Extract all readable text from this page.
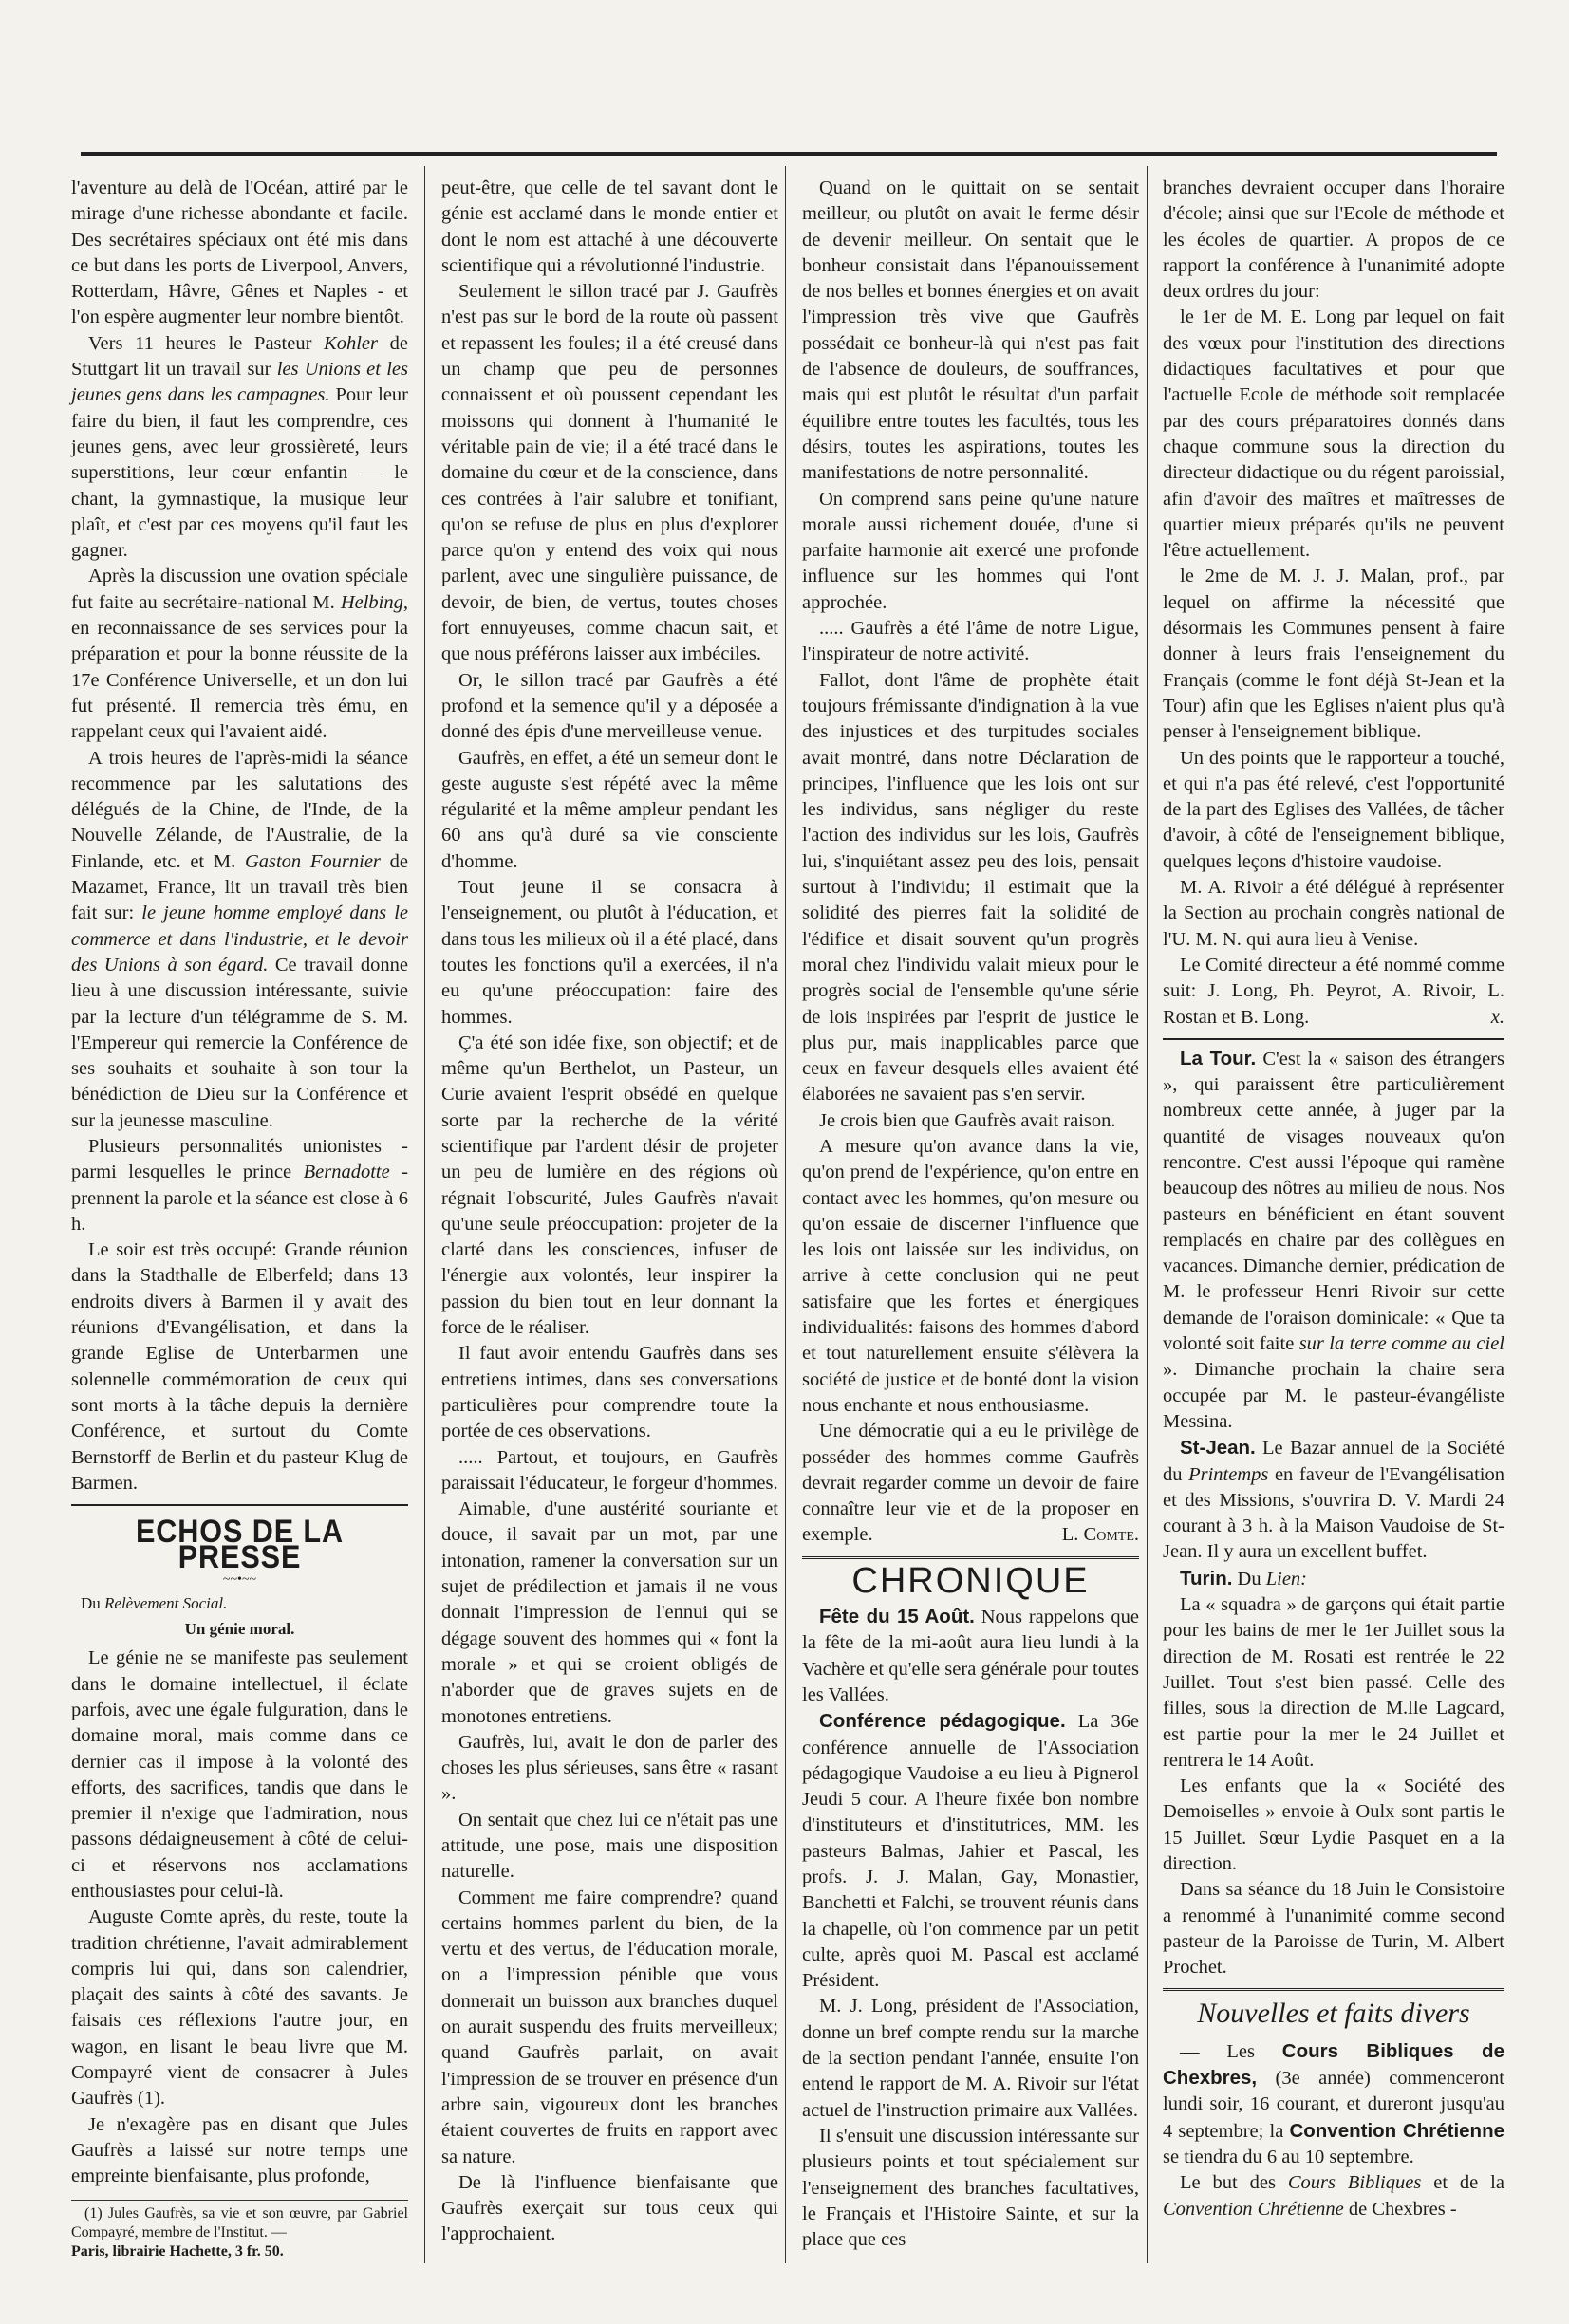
l'aventure au delà de l'Océan, attiré par le mirage d'une richesse abondante et facile. Des secrétaires spéciaux ont été mis dans ce but dans les ports de Liverpool, Anvers, Rotterdam, Hâvre, Gênes et Naples - et l'on espère augmenter leur nombre bientôt.

Vers 11 heures le Pasteur Kohler de Stuttgart lit un travail sur les Unions et les jeunes gens dans les campagnes. Pour leur faire du bien, il faut les comprendre, ces jeunes gens, avec leur grossièreté, leurs superstitions, leur cœur enfantin — le chant, la gymnastique, la musique leur plaît, et c'est par ces moyens qu'il faut les gagner.

Après la discussion une ovation spéciale fut faite au secrétaire-national M. Helbing, en reconnaissance de ses services pour la préparation et pour la bonne réussite de la 17e Conférence Universelle, et un don lui fut présenté. Il remercia très ému, en rappelant ceux qui l'avaient aidé.

A trois heures de l'après-midi la séance recommence par les salutations des délégués de la Chine, de l'Inde, de la Nouvelle Zélande, de l'Australie, de la Finlande, etc. et M. Gaston Fournier de Mazamet, France, lit un travail très bien fait sur: le jeune homme employé dans le commerce et dans l'industrie, et le devoir des Unions à son égard. Ce travail donne lieu à une discussion intéressante, suivie par la lecture d'un télégramme de S. M. l'Empereur qui remercie la Conférence de ses souhaits et souhaite à son tour la bénédiction de Dieu sur la Conférence et sur la jeunesse masculine.

Plusieurs personnalités unionistes - parmi lesquelles le prince Bernadotte - prennent la parole et la séance est close à 6 h.

Le soir est très occupé: Grande réunion dans la Stadthalle de Elberfeld; dans 13 endroits divers à Barmen il y avait des réunions d'Evangélisation, et dans la grande Eglise de Unterbarmen une solennelle commémoration de ceux qui sont morts à la tâche depuis la dernière Conférence, et surtout du Comte Bernstorff de Berlin et du pasteur Klug de Barmen.

ECHOS DE LA PRESSE
~~•~~
Du Relèvement Social.
Un génie moral.

Le génie ne se manifeste pas seulement dans le domaine intellectuel, il éclate parfois, avec une égale fulguration, dans le domaine moral, mais comme dans ce dernier cas il impose à la volonté des efforts, des sacrifices, tandis que dans le premier il n'exige que l'admiration, nous passons dédaigneusement à côté de celui-ci et réservons nos acclamations enthousiastes pour celui-là.

Auguste Comte après, du reste, toute la tradition chrétienne, l'avait admirablement compris lui qui, dans son calendrier, plaçait des saints à côté des savants. Je faisais ces réflexions l'autre jour, en wagon, en lisant le beau livre que M. Compayré vient de consacrer à Jules Gaufrès (1).

Je n'exagère pas en disant que Jules Gaufrès a laissé sur notre temps une empreinte bienfaisante, plus profonde,

(1) Jules Gaufrès, sa vie et son œuvre, par Gabriel Compayré, membre de l'Institut. —

Paris, librairie Hachette, 3 fr. 50.

peut-être, que celle de tel savant dont le génie est acclamé dans le monde entier et dont le nom est attaché à une découverte scientifique qui a révolutionné l'industrie.

Seulement le sillon tracé par J. Gaufrès n'est pas sur le bord de la route où passent et repassent les foules; il a été creusé dans un champ que peu de personnes connaissent et où poussent cependant les moissons qui donnent à l'humanité le véritable pain de vie; il a été tracé dans le domaine du cœur et de la conscience, dans ces contrées à l'air salubre et tonifiant, qu'on se refuse de plus en plus d'explorer parce qu'on y entend des voix qui nous parlent, avec une singulière puissance, de devoir, de bien, de vertus, toutes choses fort ennuyeuses, comme chacun sait, et que nous préférons laisser aux imbéciles.

Or, le sillon tracé par Gaufrès a été profond et la semence qu'il y a déposée a donné des épis d'une merveilleuse venue.

Gaufrès, en effet, a été un semeur dont le geste auguste s'est répété avec la même régularité et la même ampleur pendant les 60 ans qu'à duré sa vie consciente d'homme.

Tout jeune il se consacra à l'enseignement, ou plutôt à l'éducation, et dans tous les milieux où il a été placé, dans toutes les fonctions qu'il a exercées, il n'a eu qu'une préoccupation: faire des hommes.

Ç'a été son idée fixe, son objectif; et de même qu'un Berthelot, un Pasteur, un Curie avaient l'esprit obsédé en quelque sorte par la recherche de la vérité scientifique par l'ardent désir de projeter un peu de lumière en des régions où régnait l'obscurité, Jules Gaufrès n'avait qu'une seule préoccupation: projeter de la clarté dans les consciences, infuser de l'énergie aux volontés, leur inspirer la passion du bien tout en leur donnant la force de le réaliser.

Il faut avoir entendu Gaufrès dans ses entretiens intimes, dans ses conversations particulières pour comprendre toute la portée de ces observations.

..... Partout, et toujours, en Gaufrès paraissait l'éducateur, le forgeur d'hommes.

Aimable, d'une austérité souriante et douce, il savait par un mot, par une intonation, ramener la conversation sur un sujet de prédilection et jamais il ne vous donnait l'impression de l'ennui qui se dégage souvent des hommes qui « font la morale » et qui se croient obligés de n'aborder que de graves sujets en de monotones entretiens.

Gaufrès, lui, avait le don de parler des choses les plus sérieuses, sans être « rasant ».

On sentait que chez lui ce n'était pas une attitude, une pose, mais une disposition naturelle.

Comment me faire comprendre? quand certains hommes parlent du bien, de la vertu et des vertus, de l'éducation morale, on a l'impression pénible que vous donnerait un buisson aux branches duquel on aurait suspendu des fruits merveilleux; quand Gaufrès parlait, on avait l'impression de se trouver en présence d'un arbre sain, vigoureux dont les branches étaient couvertes de fruits en rapport avec sa nature.

De là l'influence bienfaisante que Gaufrès exerçait sur tous ceux qui l'approchaient.

Quand on le quittait on se sentait meilleur, ou plutôt on avait le ferme désir de devenir meilleur. On sentait que le bonheur consistait dans l'épanouissement de nos belles et bonnes énergies et on avait l'impression très vive que Gaufrès possédait ce bonheur-là qui n'est pas fait de l'absence de douleurs, de souffrances, mais qui est plutôt le résultat d'un parfait équilibre entre toutes les facultés, tous les désirs, toutes les aspirations, toutes les manifestations de notre personnalité.

On comprend sans peine qu'une nature morale aussi richement douée, d'une si parfaite harmonie ait exercé une profonde influence sur les hommes qui l'ont approchée.

..... Gaufrès a été l'âme de notre Ligue, l'inspirateur de notre activité.

Fallot, dont l'âme de prophète était toujours frémissante d'indignation à la vue des injustices et des turpitudes sociales avait montré, dans notre Déclaration de principes, l'influence que les lois ont sur les individus, sans négliger du reste l'action des individus sur les lois, Gaufrès lui, s'inquiétant assez peu des lois, pensait surtout à l'individu; il estimait que la solidité des pierres fait la solidité de l'édifice et disait souvent qu'un progrès moral chez l'individu valait mieux pour le progrès social de l'ensemble qu'une série de lois inspirées par l'esprit de justice le plus pur, mais inapplicables parce que ceux en faveur desquels elles avaient été élaborées ne savaient pas s'en servir.

Je crois bien que Gaufrès avait raison.

A mesure qu'on avance dans la vie, qu'on prend de l'expérience, qu'on entre en contact avec les hommes, qu'on mesure ou qu'on essaie de discerner l'influence que les lois ont laissée sur les individus, on arrive à cette conclusion qui ne peut satisfaire que les fortes et énergiques individualités: faisons des hommes d'abord et tout naturellement ensuite s'élèvera la société de justice et de bonté dont la vision nous enchante et nous enthousiasme.

Une démocratie qui a eu le privilège de posséder des hommes comme Gaufrès devrait regarder comme un devoir de faire connaître leur vie et de la proposer en exemple.	L. Comte.

CHRONIQUE

Fête du 15 Août. Nous rappelons que la fête de la mi-août aura lieu lundi à la Vachère et qu'elle sera générale pour toutes les Vallées.

Conférence pédagogique. La 36e conférence annuelle de l'Association pédagogique Vaudoise a eu lieu à Pignerol Jeudi 5 cour. A l'heure fixée bon nombre d'instituteurs et d'institutrices, MM. les pasteurs Balmas, Jahier et Pascal, les profs. J. J. Malan, Gay, Monastier, Banchetti et Falchi, se trouvent réunis dans la chapelle, où l'on commence par un petit culte, après quoi M. Pascal est acclamé Président.

M. J. Long, président de l'Association, donne un bref compte rendu sur la marche de la section pendant l'année, ensuite l'on entend le rapport de M. A. Rivoir sur l'état actuel de l'instruction primaire aux Vallées.

Il s'ensuit une discussion intéressante sur plusieurs points et tout spécialement sur l'enseignement des branches facultatives, le Français et l'Histoire Sainte, et sur la place que ces

branches devraient occuper dans l'horaire d'école; ainsi que sur l'Ecole de méthode et les écoles de quartier. A propos de ce rapport la conférence à l'unanimité adopte deux ordres du jour:

le 1er de M. E. Long par lequel on fait des vœux pour l'institution des directions didactiques facultatives et pour que l'actuelle Ecole de méthode soit remplacée par des cours préparatoires donnés dans chaque commune sous la direction du directeur didactique ou du régent paroissial, afin d'avoir des maîtres et maîtresses de quartier mieux préparés qu'ils ne peuvent l'être actuellement.

le 2me de M. J. J. Malan, prof., par lequel on affirme la nécessité que désormais les Communes pensent à faire donner à leurs frais l'enseignement du Français (comme le font déjà St-Jean et la Tour) afin que les Eglises n'aient plus qu'à penser à l'enseignement biblique.

Un des points que le rapporteur a touché, et qui n'a pas été relevé, c'est l'opportunité de la part des Eglises des Vallées, de tâcher d'avoir, à côté de l'enseignement biblique, quelques leçons d'histoire vaudoise.

M. A. Rivoir a été délégué à représenter la Section au prochain congrès national de l'U. M. N. qui aura lieu à Venise.

Le Comité directeur a été nommé comme suit: J. Long, Ph. Peyrot, A. Rivoir, L. Rostan et B. Long.	x.

La Tour. C'est la « saison des étrangers », qui paraissent être particulièrement nombreux cette année, à juger par la quantité de visages nouveaux qu'on rencontre. C'est aussi l'époque qui ramène beaucoup des nôtres au milieu de nous. Nos pasteurs en bénéficient en étant souvent remplacés en chaire par des collègues en vacances. Dimanche dernier, prédication de M. le professeur Henri Rivoir sur cette demande de l'oraison dominicale: « Que ta volonté soit faite sur la terre comme au ciel ». Dimanche prochain la chaire sera occupée par M. le pasteur-évangéliste Messina.

St-Jean. Le Bazar annuel de la Société du Printemps en faveur de l'Evangélisation et des Missions, s'ouvrira D. V. Mardi 24 courant à 3 h. à la Maison Vaudoise de St-Jean. Il y aura un excellent buffet.

Turin. Du Lien:

La « squadra » de garçons qui était partie pour les bains de mer le 1er Juillet sous la direction de M. Rosati est rentrée le 22 Juillet. Tout s'est bien passé. Celle des filles, sous la direction de M.lle Lagcard, est partie pour la mer le 24 Juillet et rentrera le 14 Août.

Les enfants que la « Société des Demoiselles » envoie à Oulx sont partis le 15 Juillet. Sœur Lydie Pasquet en a la direction.

Dans sa séance du 18 Juin le Consistoire a renommé à l'unanimité comme second pasteur de la Paroisse de Turin, M. Albert Prochet.

Nouvelles et faits divers

— Les Cours Bibliques de Chexbres, (3e année) commenceront lundi soir, 16 courant, et dureront jusqu'au 4 septembre; la Convention Chrétienne se tiendra du 6 au 10 septembre.

Le but des Cours Bibliques et de la Convention Chrétienne de Chexbres -
